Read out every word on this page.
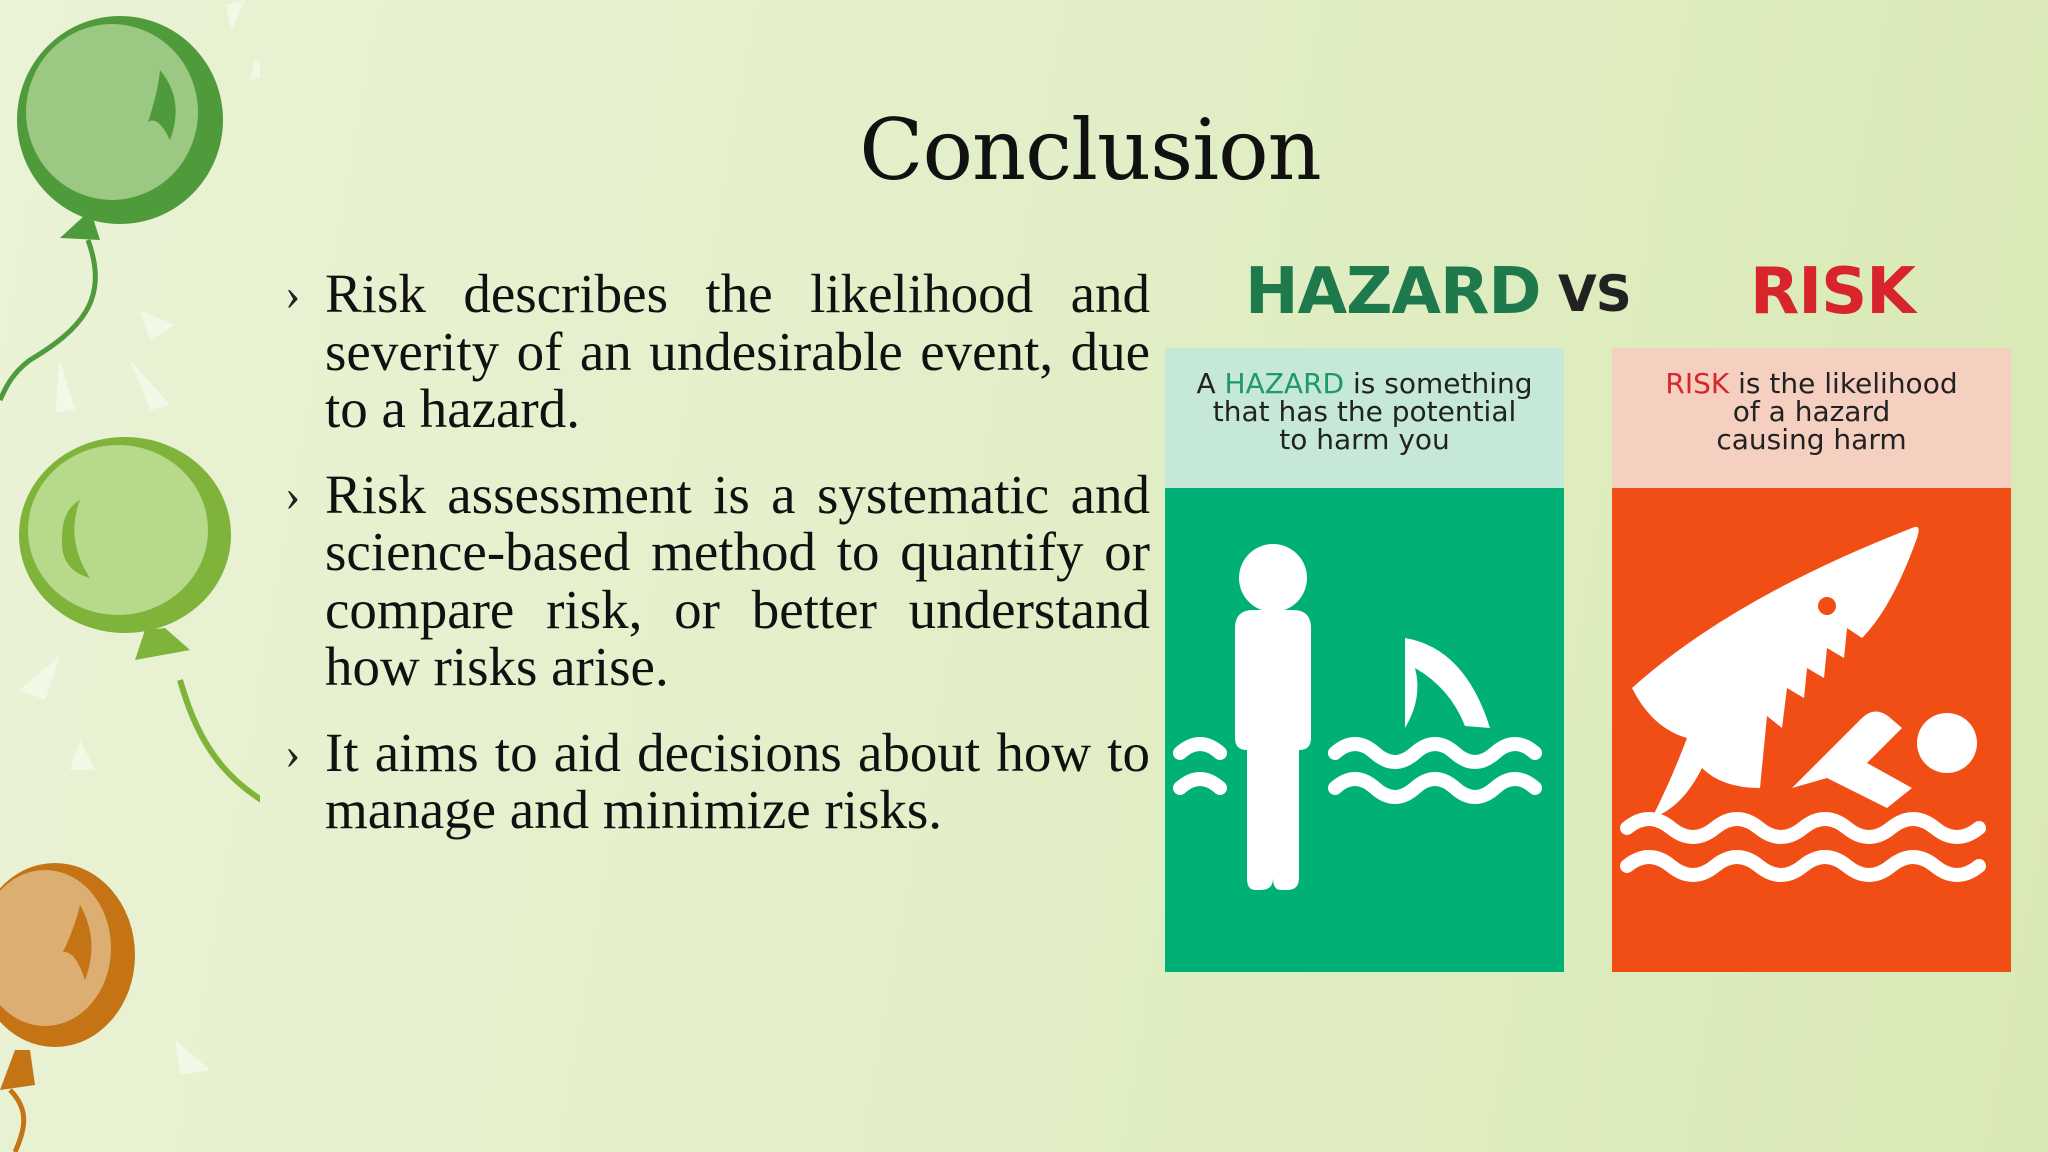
Conclusion
› Risk describes the likelihood and severity of an undesirable event, due to a hazard.
› Risk assessment is a systematic and science-based method to quantify or compare risk, or better understand how risks arise.
› It aims to aid decisions about how to manage and minimize risks.
HAZARD VS RISK
A HAZARD is something
that has the potential
to harm you
RISK is the likelihood
of a hazard
causing harm
